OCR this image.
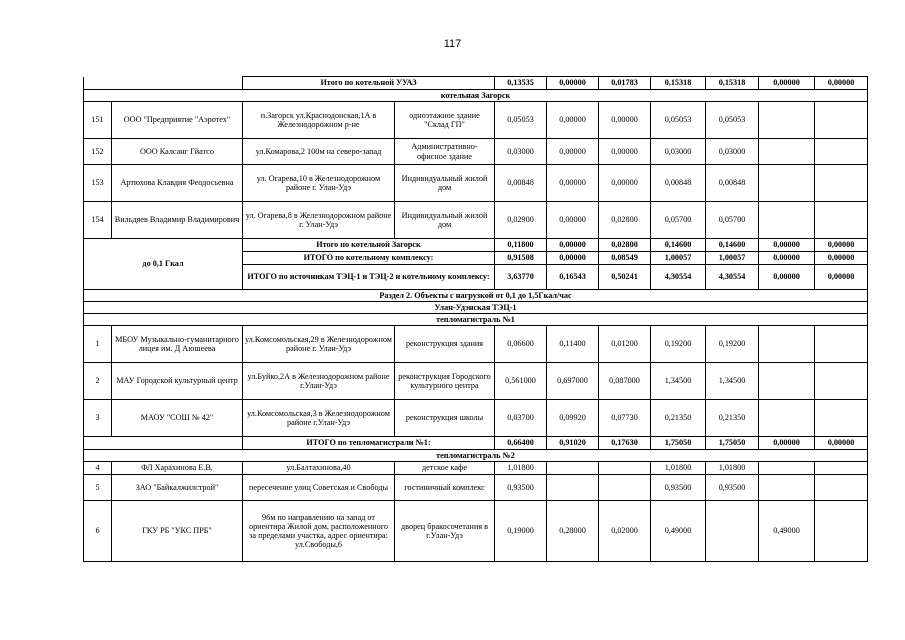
117
		Итого по котельной УУАЗ		0,13535	0,00000	0,01783	0,15318	0,15318	0,00000	0,00000
котельная Загорск										
151	ООО "Предприятие "Аэротех"	п.Загорск ул.Краснодонская,1А в Железнодорожном р-не	одноэтажное здание "Склад ГП"	0,05053	0,00000	0,00000	0,05053	0,05053		
152	ООО Калсанг Гйатсо	ул.Комарова,2 100м на северо-запад	Административно-офисное здание	0,03000	0,00000	0,00000	0,03000	0,03000		
153	Артюхова Клавдия Феодосьевна	ул. Огарева,10 в Железнодорожном районе г. Улан-Удэ	Индивидуальный жилой дом	0,00848	0,00000	0,00000	0,00848	0,00848		
154	Вильдяев Владимир Владимирович	ул. Огарева,8 в Железнодорожном районе г. Улан-Удэ	Индивидуальный жилой дом	0,02900	0,00000	0,02800	0,05700	0,05700		
до 0,1 Гкал		Итого по котельной Загорск		0,11800	0,00000	0,02800	0,14600	0,14600	0,00000	0,00000
		ИТОГО по котельному комплексу:		0,91508	0,00000	0,08549	1,00057	1,00057	0,00000	0,00000
		ИТОГО по источникам ТЭЦ-1 и ТЭЦ-2 и котельному комплексу:		3,63770	0,16543	0,50241	4,30554	4,30554	0,00000	0,00000
Раздел 2. Объекты с нагрузкой от 0,1 до 1,5Гкал/час										
Улан-Удэнская ТЭЦ-1										
тепломагистраль №1										
1	МБОУ Музыкально-гуманитарного лицея им. Д Аюшеева	ул.Комсомольская,29 в Железнодорожном районе г. Улан-Удэ	реконструкция здания	0,06600	0,11400	0,01200	0,19200	0,19200		
2	МАУ Городской культурный центр	ул.Буйко,2А в Железнодорожном районе г.Улан-Удэ	реконструкция Городского культурного центра	0,561000	0,697000	0,087000	1,34500	1,34500		
3	МАОУ "СОШ № 42"	ул.Комсомольская,3 в Железнодорожном районе г.Улан-Удэ	реконструкция школы	0,03700	0,09920	0,07730	0,21350	0,21350		
		ИТОГО по тепломагистрали №1:		0,66400	0,91020	0,17630	1,75050	1,75050	0,00000	0,00000
тепломагистраль №2										
4	ФЛ Харахинова Е.В.	ул.Балтахинова,40	детское кафе	1,01800			1,01800	1,01800		
5	ЗАО "Байкалжилстрой"	пересечение улиц Советская и Свободы	гостиничный комплекс	0,93500			0,93500	0,93500		
6	ГКУ РБ "УКС ПРБ"	96м по направлению на запад от ориентира Жилой дом, расположенного за пределами участка, адрес ориентира: ул.Свободы,6	дворец бракосочетания в г.Улан-Удэ	0,19000	0,28000	0,02000	0,49000		0,49000	
